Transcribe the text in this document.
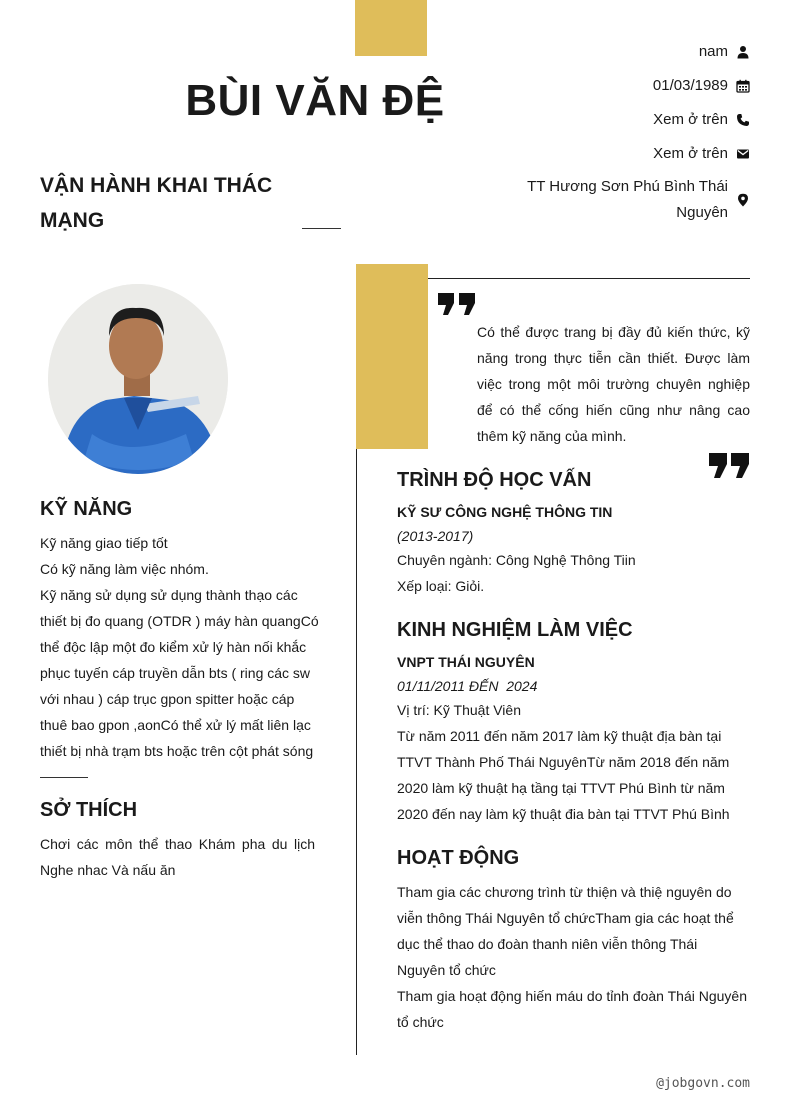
BÙI VĂN ĐỆ
VẬN HÀNH KHAI THÁC MẠNG
nam
01/03/1989
Xem ở trên
Xem ở trên
TT Hương Sơn Phú Bình Thái Nguyên
KỸ NĂNG

Kỹ năng giao tiếp tốt

Có kỹ năng làm việc nhóm.

Kỹ năng sử dụng sử dụng thành thạo các thiết bị đo quang (OTDR ) máy hàn quangCó thể độc lập một đo kiểm xử lý hàn nối khắc phục tuyến cáp truyền dẫn bts ( ring các sw với nhau ) cáp trục gpon spitter hoặc cáp thuê bao gpon ,aonCó thể xử lý mất liên lạc thiết bị nhà trạm bts hoặc trên cột phát sóng

SỞ THÍCH
Chơi các môn thể thao Khám pha du lịch Nghe nhac Và nấu ăn
Có thể được trang bị đầy đủ kiến thức, kỹ năng trong thực tiễn cần thiết. Được làm việc trong một môi trường chuyên nghiệp để có thể cống hiến cũng như nâng cao thêm kỹ năng của mình.
TRÌNH ĐỘ HỌC VẤN
KỸ SƯ CÔNG NGHỆ THÔNG TIN
(2013-2017)
Chuyên ngành: Công Nghệ Thông Tiin
Xếp loại: Giỏi.
KINH NGHIỆM LÀM VIỆC
VNPT THÁI NGUYÊN
01/11/2011 ĐẾN  2024
Vị trí: Kỹ Thuật Viên
Từ năm 2011 đến năm 2017 làm kỹ thuật địa bàn tại TTVT Thành Phố Thái NguyênTừ năm 2018 đến năm 2020 làm kỹ thuật hạ tầng tại TTVT Phú Bình từ năm 2020 đến nay làm kỹ thuật đia bàn tại TTVT Phú Bình
HOẠT ĐỘNG

Tham gia các chương trình từ thiện và thiệ nguyên do viễn thông Thái Nguyên tổ chứcTham gia các hoạt thể dục thể thao do đoàn thanh niên viễn thông Thái Nguyên tổ chức

Tham gia hoạt động hiến máu do tỉnh đoàn Thái Nguyên tổ chức

@jobgovn.com
